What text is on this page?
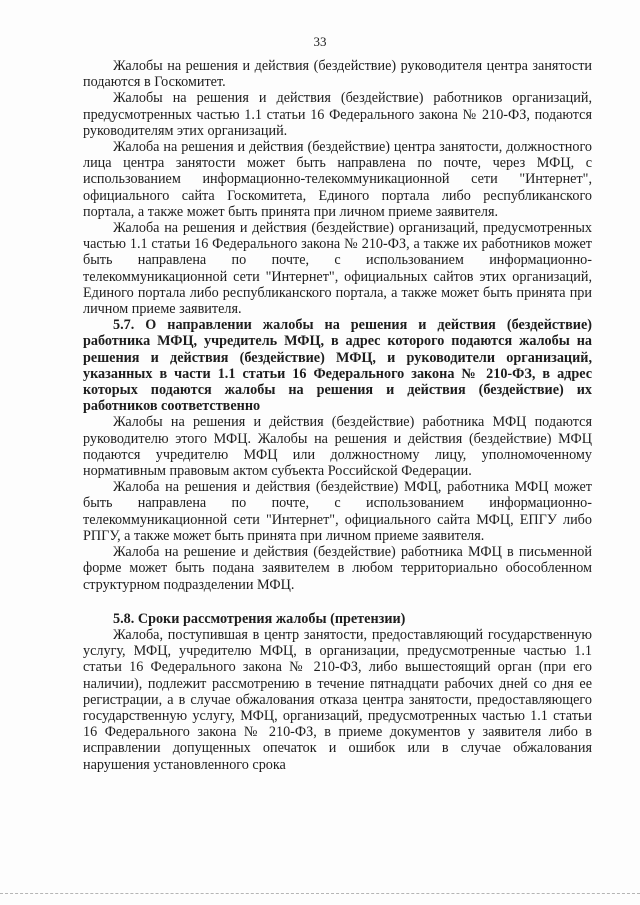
33

Жалобы на решения и действия (бездействие) руководителя центра занятости подаются в Госкомитет.

Жалобы на решения и действия (бездействие) работников организаций, предусмотренных частью 1.1 статьи 16 Федерального закона № 210-ФЗ, подаются руководителям этих организаций.

Жалоба на решения и действия (бездействие) центра занятости, должностного лица центра занятости может быть направлена по почте, через МФЦ, с использованием информационно-телекоммуникационной сети "Интернет", официального сайта Госкомитета, Единого портала либо республиканского портала, а также может быть принята при личном приеме заявителя.

Жалоба на решения и действия (бездействие) организаций, предусмотренных частью 1.1 статьи 16 Федерального закона № 210-ФЗ, а также их работников может быть направлена по почте, с использованием информационно-телекоммуникационной сети "Интернет", официальных сайтов этих организаций, Единого портала либо республиканского портала, а также может быть принята при личном приеме заявителя.

5.7. О направлении жалобы на решения и действия (бездействие) работника МФЦ, учредитель МФЦ, в адрес которого подаются жалобы на решения и действия (бездействие) МФЦ, и руководители организаций, указанных в части 1.1 статьи 16 Федерального закона № 210-ФЗ, в адрес которых подаются жалобы на решения и действия (бездействие) их работников соответственно

Жалобы на решения и действия (бездействие) работника МФЦ подаются руководителю этого МФЦ. Жалобы на решения и действия (бездействие) МФЦ подаются учредителю МФЦ или должностному лицу, уполномоченному нормативным правовым актом субъекта Российской Федерации.

Жалоба на решения и действия (бездействие) МФЦ, работника МФЦ может быть направлена по почте, с использованием информационно-телекоммуникационной сети "Интернет", официального сайта МФЦ, ЕПГУ либо РПГУ, а также может быть принята при личном приеме заявителя.

Жалоба на решение и действия (бездействие) работника МФЦ в письменной форме может быть подана заявителем в любом территориально обособленном структурном подразделении МФЦ.

5.8. Сроки рассмотрения жалобы (претензии)

Жалоба, поступившая в центр занятости, предоставляющий государственную услугу, МФЦ, учредителю МФЦ, в организации, предусмотренные частью 1.1 статьи 16 Федерального закона № 210-ФЗ, либо вышестоящий орган (при его наличии), подлежит рассмотрению в течение пятнадцати рабочих дней со дня ее регистрации, а в случае обжалования отказа центра занятости, предоставляющего государственную услугу, МФЦ, организаций, предусмотренных частью 1.1 статьи 16 Федерального закона № 210-ФЗ, в приеме документов у заявителя либо в исправлении допущенных опечаток и ошибок или в случае обжалования нарушения установленного срока
